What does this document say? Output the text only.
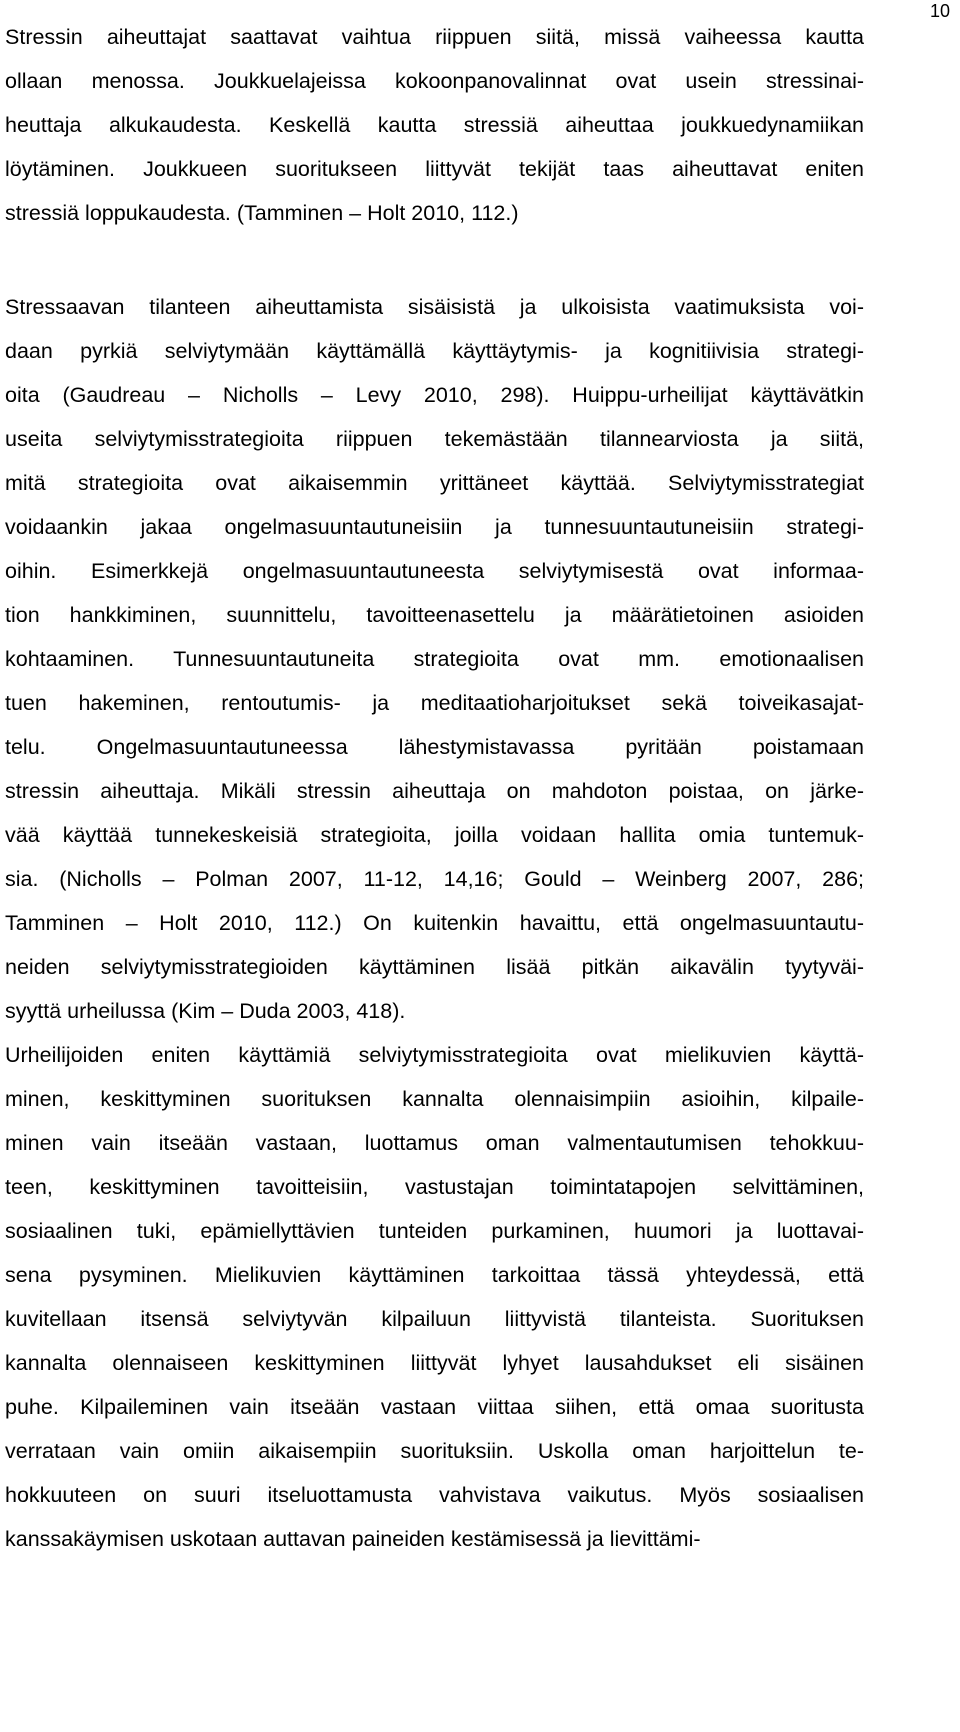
10
Stressin aiheuttajat saattavat vaihtua riippuen siitä, missä vaiheessa kautta
ollaan menossa. Joukkuelajeissa kokoonpanovalinnat ovat usein stressinai-
heuttaja alkukaudesta. Keskellä kautta stressiä aiheuttaa joukkuedynamiikan
löytäminen. Joukkueen suoritukseen liittyvät tekijät taas aiheuttavat eniten
stressiä loppukaudesta. (Tamminen – Holt 2010, 112.)
Stressaavan tilanteen aiheuttamista sisäisistä ja ulkoisista vaatimuksista voi-
daan pyrkiä selviytymään käyttämällä käyttäytymis- ja kognitiivisia strategi-
oita (Gaudreau – Nicholls – Levy 2010, 298). Huippu-urheilijat käyttävätkin
useita selviytymisstrategioita riippuen tekemästään tilannearviosta ja siitä,
mitä strategioita ovat aikaisemmin yrittäneet käyttää. Selviytymisstrategiat
voidaankin jakaa ongelmasuuntautuneisiin ja tunnesuuntautuneisiin strategi-
oihin. Esimerkkejä ongelmasuuntautuneesta selviytymisestä ovat informaa-
tion hankkiminen, suunnittelu, tavoitteenasettelu ja määrätietoinen asioiden
kohtaaminen. Tunnesuuntautuneita strategioita ovat mm. emotionaalisen
tuen hakeminen, rentoutumis- ja meditaatioharjoitukset sekä toiveikasajat-
telu. Ongelmasuuntautuneessa lähestymistavassa pyritään poistamaan
stressin aiheuttaja. Mikäli stressin aiheuttaja on mahdoton poistaa, on järke-
vää käyttää tunnekeskeisiä strategioita, joilla voidaan hallita omia tuntemuk-
sia. (Nicholls – Polman 2007, 11-12, 14,16; Gould – Weinberg 2007, 286;
Tamminen – Holt 2010, 112.) On kuitenkin havaittu, että ongelmasuuntautu-
neiden selviytymisstrategioiden käyttäminen lisää pitkän aikavälin tyytyväi-
syyttä urheilussa (Kim – Duda 2003, 418).
Urheilijoiden eniten käyttämiä selviytymisstrategioita ovat mielikuvien käyttä-
minen, keskittyminen suorituksen kannalta olennaisimpiin asioihin, kilpaile-
minen vain itseään vastaan, luottamus oman valmentautumisen tehokkuu-
teen, keskittyminen tavoitteisiin, vastustajan toimintatapojen selvittäminen,
sosiaalinen tuki, epämiellyttävien tunteiden purkaminen, huumori ja luottavai-
sena pysyminen. Mielikuvien käyttäminen tarkoittaa tässä yhteydessä, että
kuvitellaan itsensä selviytyvän kilpailuun liittyvistä tilanteista. Suorituksen
kannalta olennaiseen keskittyminen liittyvät lyhyet lausahdukset eli sisäinen
puhe. Kilpaileminen vain itseään vastaan viittaa siihen, että omaa suoritusta
verrataan vain omiin aikaisempiin suorituksiin. Uskolla oman harjoittelun te-
hokkuuteen on suuri itseluottamusta vahvistava vaikutus. Myös sosiaalisen
kanssakäymisen uskotaan auttavan paineiden kestämisessä ja lievittämi-
